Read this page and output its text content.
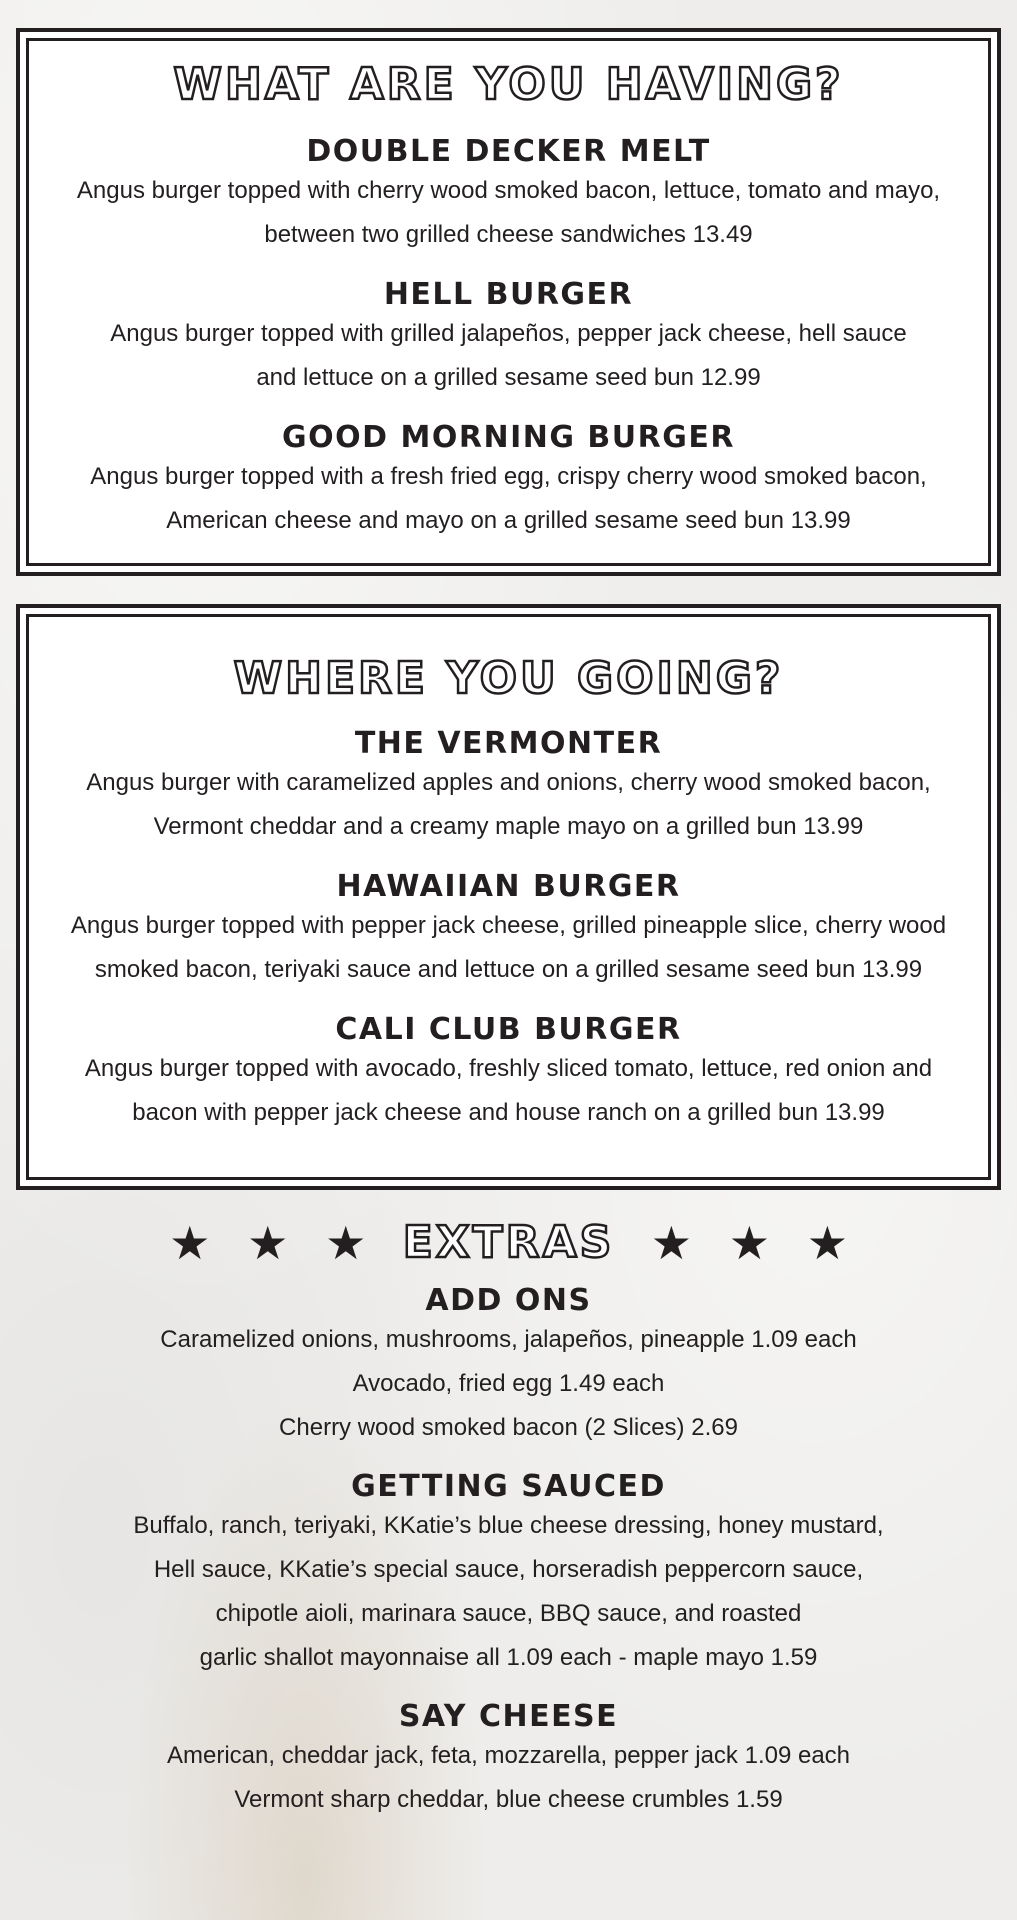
WHAT ARE YOU HAVING?
DOUBLE DECKER MELT

Angus burger topped with cherry wood smoked bacon, lettuce, tomato and mayo,

between two grilled cheese sandwiches 13.49

HELL BURGER

Angus burger topped with grilled jalapeños, pepper jack cheese, hell sauce

and lettuce on a grilled sesame seed bun 12.99

GOOD MORNING BURGER

Angus burger topped with a fresh fried egg, crispy cherry wood smoked bacon,

American cheese and mayo on a grilled sesame seed bun 13.99

WHERE YOU GOING?
THE VERMONTER

Angus burger with caramelized apples and onions, cherry wood smoked bacon,

Vermont cheddar and a creamy maple mayo on a grilled bun 13.99

HAWAIIAN BURGER

Angus burger topped with pepper jack cheese, grilled pineapple slice, cherry wood

smoked bacon, teriyaki sauce and lettuce on a grilled sesame seed bun 13.99

CALI CLUB BURGER

Angus burger topped with avocado, freshly sliced tomato, lettuce, red onion and

bacon with pepper jack cheese and house ranch on a grilled bun 13.99

★ ★ ★ EXTRAS ★ ★ ★
ADD ONS

Caramelized onions, mushrooms, jalapeños, pineapple 1.09 each

Avocado, fried egg 1.49 each

Cherry wood smoked bacon (2 Slices) 2.69

GETTING SAUCED

Buffalo, ranch, teriyaki, KKatie’s blue cheese dressing, honey mustard,

Hell sauce, KKatie’s special sauce, horseradish peppercorn sauce,

chipotle aioli, marinara sauce, BBQ sauce, and roasted

garlic shallot mayonnaise all 1.09 each - maple mayo 1.59

SAY CHEESE

American, cheddar jack, feta, mozzarella, pepper jack 1.09 each

Vermont sharp cheddar, blue cheese crumbles 1.59
